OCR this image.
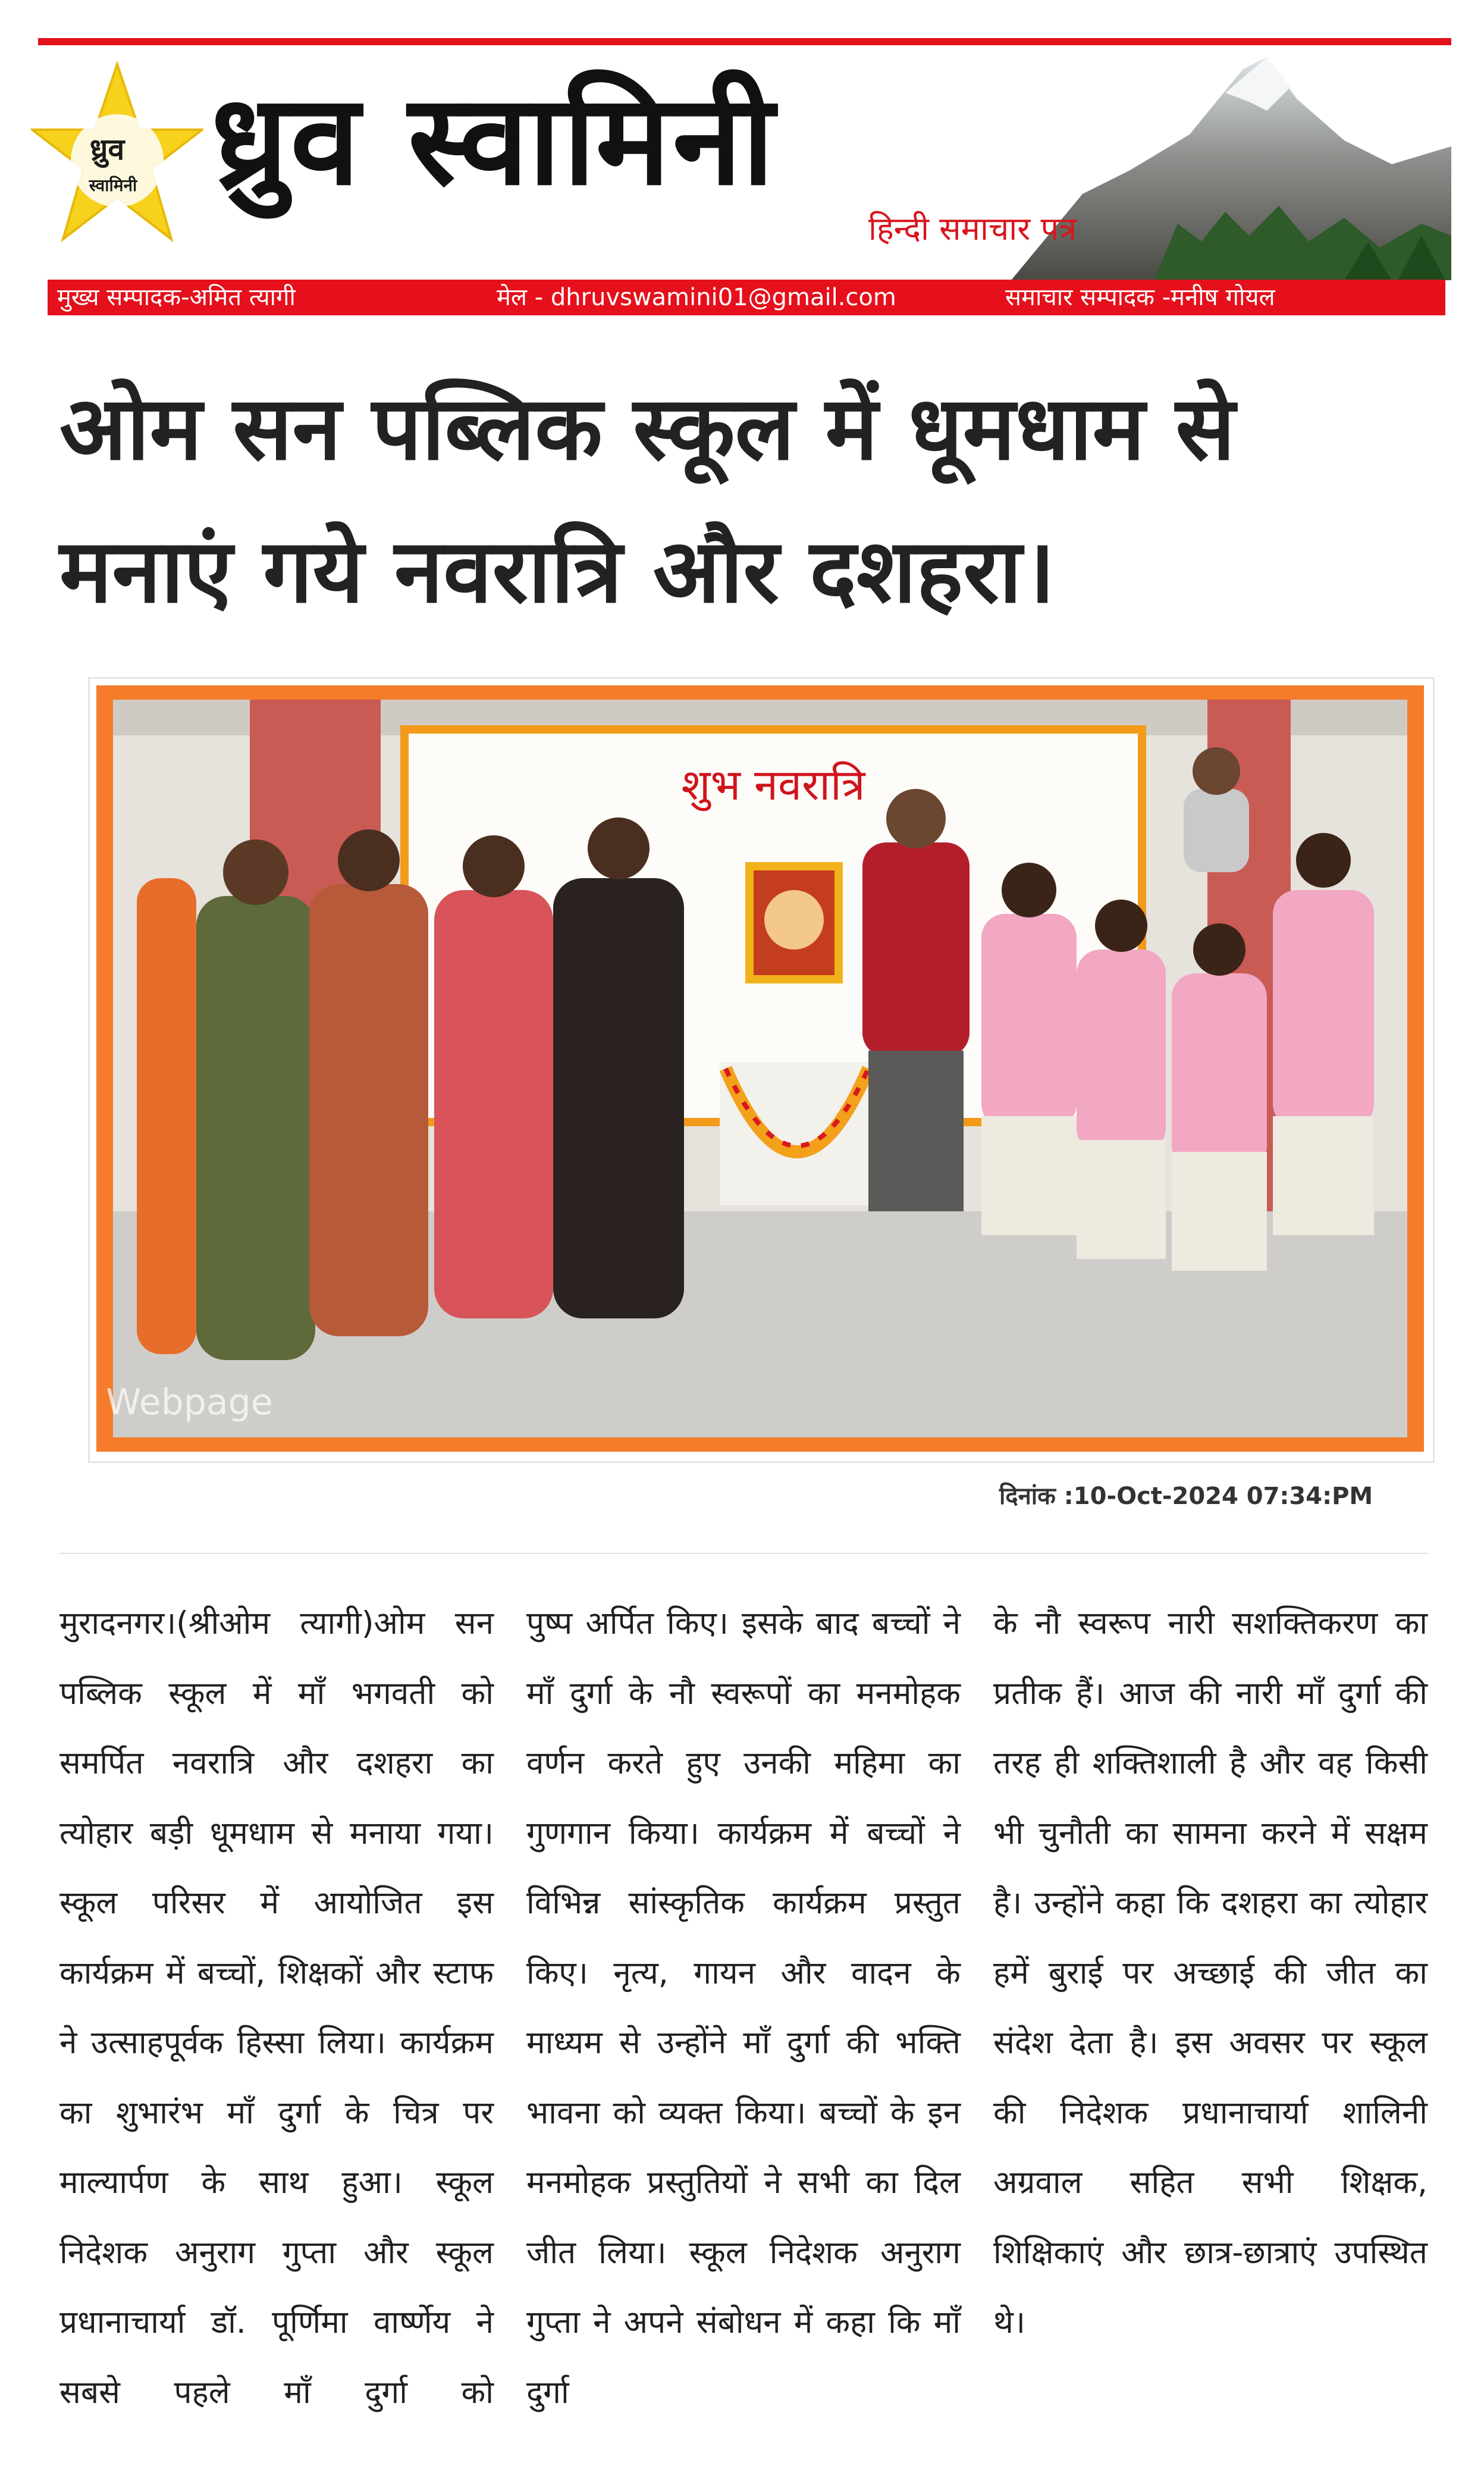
ध्रुव
स्वामिनी ध्रुव स्वामिनी
हिन्दी समाचार पत्र
मुख्य सम्पादक-अमित त्यागी	मेल - dhruvswamini01@gmail.com	समाचार सम्पादक -मनीष गोयल
ओम सन पब्लिक स्कूल में धूमधाम से मनाएं गये नवरात्रि और दशहरा।
शुभ नवरात्रि
Webpage
दिनांक :10-Oct-2024 07:34:PM

मुरादनगर।(श्रीओम त्यागी)ओम सन पब्लिक स्कूल में माँ भगवती को समर्पित नवरात्रि और दशहरा का त्योहार बड़ी धूमधाम से मनाया गया। स्कूल परिसर में आयोजित इस कार्यक्रम में बच्चों, शिक्षकों और स्टाफ ने उत्साहपूर्वक हिस्सा लिया। कार्यक्रम का शुभारंभ माँ दुर्गा के चित्र पर माल्यार्पण के साथ हुआ। स्कूल निदेशक अनुराग गुप्ता और स्कूल प्रधानाचार्या डॉ. पूर्णिमा वार्ष्णेय ने सबसे पहले माँ दुर्गा को

पुष्प अर्पित किए। इसके बाद बच्चों ने माँ दुर्गा के नौ स्वरूपों का मनमोहक वर्णन करते हुए उनकी महिमा का गुणगान किया। कार्यक्रम में बच्चों ने विभिन्न सांस्कृतिक कार्यक्रम प्रस्तुत किए। नृत्य, गायन और वादन के माध्यम से उन्होंने माँ दुर्गा की भक्ति भावना को व्यक्त किया। बच्चों के इन मनमोहक प्रस्तुतियों ने सभी का दिल जीत लिया। स्कूल निदेशक अनुराग गुप्ता ने अपने संबोधन में कहा कि माँ दुर्गा

के नौ स्वरूप नारी सशक्तिकरण का प्रतीक हैं। आज की नारी माँ दुर्गा की तरह ही शक्तिशाली है और वह किसी भी चुनौती का सामना करने में सक्षम है। उन्होंने कहा कि दशहरा का त्योहार हमें बुराई पर अच्छाई की जीत का संदेश देता है। इस अवसर पर स्कूल की निदेशक प्रधानाचार्या शालिनी अग्रवाल सहित सभी शिक्षक, शिक्षिकाएं और छात्र-छात्राएं उपस्थित थे।
